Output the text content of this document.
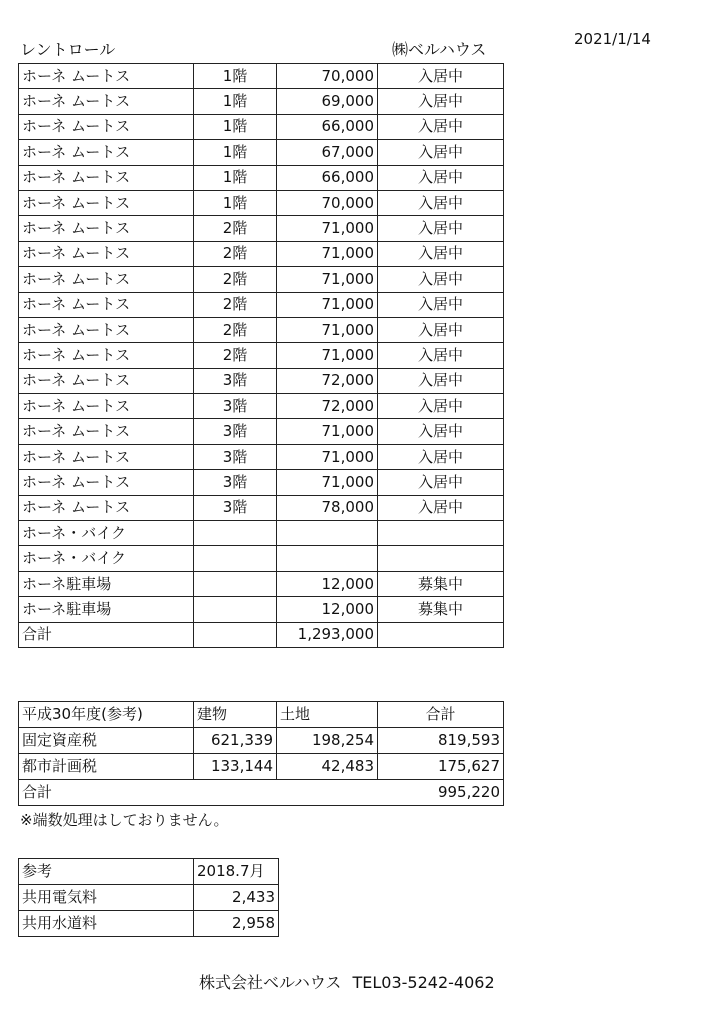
2021/1/14
レントロール	㈱ベルハウス
ホーネ ムートス	1階	70,000	入居中
ホーネ ムートス	1階	69,000	入居中
ホーネ ムートス	1階	66,000	入居中
ホーネ ムートス	1階	67,000	入居中
ホーネ ムートス	1階	66,000	入居中
ホーネ ムートス	1階	70,000	入居中
ホーネ ムートス	2階	71,000	入居中
ホーネ ムートス	2階	71,000	入居中
ホーネ ムートス	2階	71,000	入居中
ホーネ ムートス	2階	71,000	入居中
ホーネ ムートス	2階	71,000	入居中
ホーネ ムートス	2階	71,000	入居中
ホーネ ムートス	3階	72,000	入居中
ホーネ ムートス	3階	72,000	入居中
ホーネ ムートス	3階	71,000	入居中
ホーネ ムートス	3階	71,000	入居中
ホーネ ムートス	3階	71,000	入居中
ホーネ ムートス	3階	78,000	入居中
ホーネ・バイク			
ホーネ・バイク			
ホーネ駐車場		12,000	募集中
ホーネ駐車場		12,000	募集中
合計		1,293,000	
平成30年度(参考)	建物	土地	合計
固定資産税	621,339	198,254	819,593
都市計画税	133,144	42,483	175,627
合計			995,220
※端数処理はしておりません。
参考	2018.7月
共用電気料	2,433
共用水道料	2,958
株式会社ベルハウス TEL03-5242-4062
